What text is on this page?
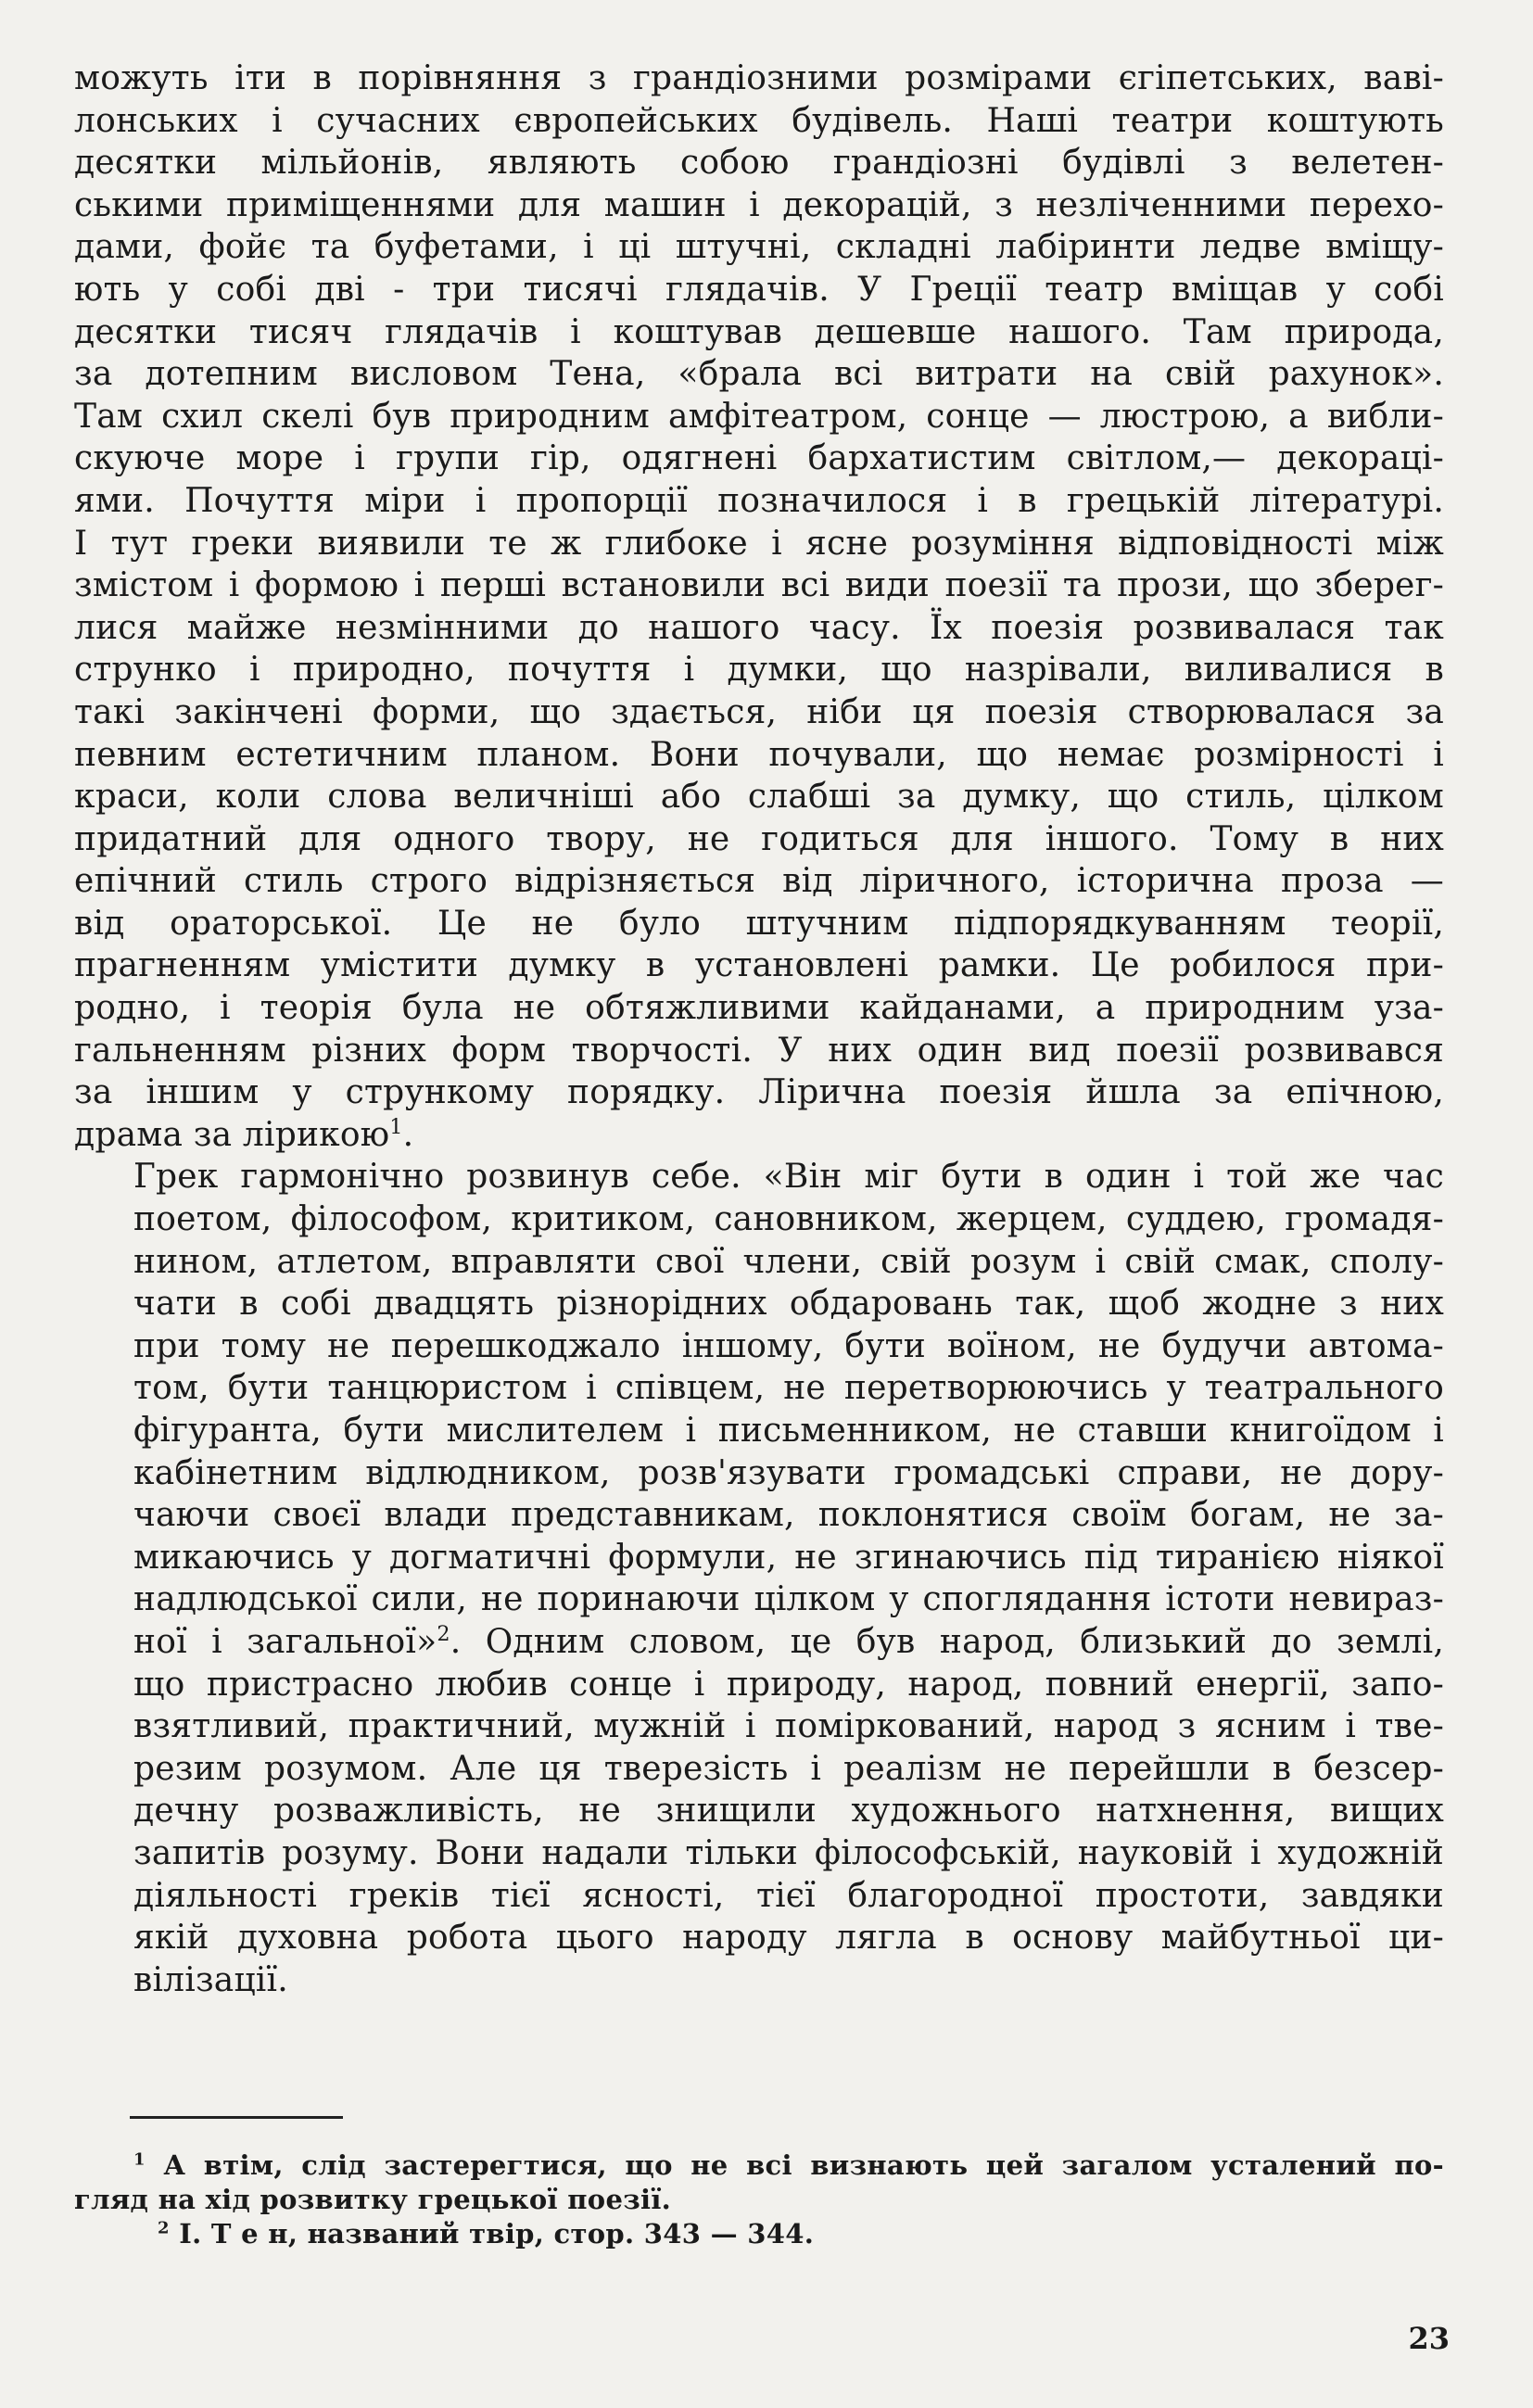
можуть іти в порівняння з грандіозними розмірами єгіпетських, ваві-
лонських і сучасних європейських будівель. Наші театри коштують
десятки мільйонів, являють собою грандіозні будівлі з велетен-
ськими приміщеннями для машин і декорацій, з незліченними перехо-
дами, фойє та буфетами, і ці штучні, складні лабіринти ледве вміщу-
ють у собі дві - три тисячі глядачів. У Греції театр вміщав у собі
десятки тисяч глядачів і коштував дешевше нашого. Там природа,
за дотепним висловом Тена, «брала всі витрати на свій рахунок».
Там схил скелі був природним амфітеатром, сонце — люстрою, а вибли-
скуюче море і групи гір, одягнені бархатистим світлом,— декораці-
ями. Почуття міри і пропорції позначилося і в грецькій літературі.
І тут греки виявили те ж глибоке і ясне розуміння відповідності між
змістом і формою і перші встановили всі види поезії та прози, що зберег-
лися майже незмінними до нашого часу. Їх поезія розвивалася так
струнко і природно, почуття і думки, що назрівали, виливалися в
такі закінчені форми, що здається, ніби ця поезія створювалася за
певним естетичним планом. Вони почували, що немає розмірності і
краси, коли слова величніші або слабші за думку, що стиль, цілком
придатний для одного твору, не годиться для іншого. Тому в них
епічний стиль строго відрізняється від ліричного, історична проза —
від ораторської. Це не було штучним підпорядкуванням теорії,
прагненням умістити думку в установлені рамки. Це робилося при-
родно, і теорія була не обтяжливими кайданами, а природним уза-
гальненням різних форм творчості. У них один вид поезії розвивався
за іншим у стрункому порядку. Лірична поезія йшла за епічною,
драма за лірикою$^1$.

Грек гармонічно розвинув себе. «Він міг бути в один і той же час
поетом, філософом, критиком, сановником, жерцем, суддею, громадя-
нином, атлетом, вправляти свої члени, свій розум і свій смак, сполу-
чати в собі двадцять різнорідних обдаровань так, щоб жодне з них
при тому не перешкоджало іншому, бути воїном, не будучи автома-
том, бути танцюристом і співцем, не перетворюючись у театрального
фігуранта, бути мислителем і письменником, не ставши книгоїдом і
кабінетним відлюдником, розв'язувати громадські справи, не дору-
чаючи своєї влади представникам, поклонятися своїм богам, не за-
микаючись у догматичні формули, не згинаючись під тиранією ніякої
надлюдської сили, не поринаючи цілком у споглядання істоти невираз-
ної і загальної»$^2$. Одним словом, це був народ, близький до землі,
що пристрасно любив сонце і природу, народ, повний енергії, запо-
взятливий, практичний, мужній і поміркований, народ з ясним і тве-
резим розумом. Але ця тверезість і реалізм не перейшли в безсер-
дечну розважливість, не знищили художнього натхнення, вищих
запитів розуму. Вони надали тільки філософській, науковій і художній
діяльності греків тієї ясності, тієї благородної простоти, завдяки
якій духовна робота цього народу лягла в основу майбутньої ци-
вілізації.

$^1$ А втім, слід застерегтися, що не всі визнають цей загалом усталений по-
гляд на хід розвитку грецької поезії.
$^2$ І. Т е н, названий твір, стор. 343 — 344.
23
